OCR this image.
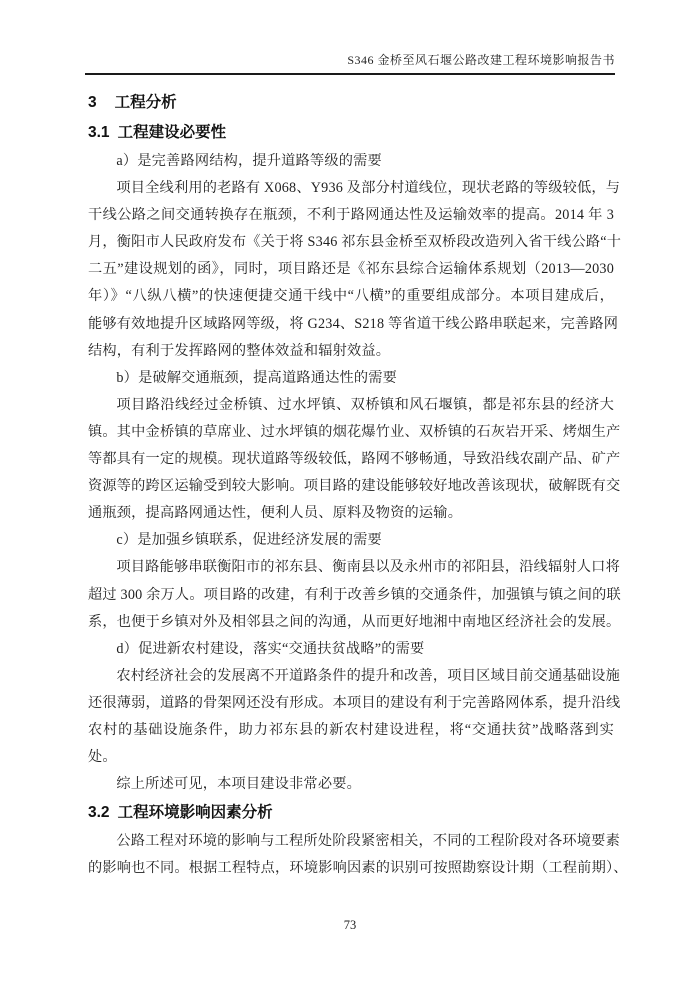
S346 金桥至风石堰公路改建工程环境影响报告书
3 工程分析
3.1 工程建设必要性
a）是完善路网结构，提升道路等级的需要
项目全线利用的老路有 X068、Y936 及部分村道线位，现状老路的等级较低，与
干线公路之间交通转换存在瓶颈，不利于路网通达性及运输效率的提高。2014 年 3
月，衡阳市人民政府发布《关于将 S346 祁东县金桥至双桥段改造列入省干线公路“十
二五”建设规划的函》，同时，项目路还是《祁东县综合运输体系规划（2013—2030
年）》“八纵八横”的快速便捷交通干线中“八横”的重要组成部分。本项目建成后，
能够有效地提升区域路网等级，将 G234、S218 等省道干线公路串联起来，完善路网
结构，有利于发挥路网的整体效益和辐射效益。
b）是破解交通瓶颈，提高道路通达性的需要
项目路沿线经过金桥镇、过水坪镇、双桥镇和风石堰镇，都是祁东县的经济大
镇。其中金桥镇的草席业、过水坪镇的烟花爆竹业、双桥镇的石灰岩开采、烤烟生产
等都具有一定的规模。现状道路等级较低，路网不够畅通，导致沿线农副产品、矿产
资源等的跨区运输受到较大影响。项目路的建设能够较好地改善该现状，破解既有交
通瓶颈，提高路网通达性，便利人员、原料及物资的运输。
c）是加强乡镇联系，促进经济发展的需要
项目路能够串联衡阳市的祁东县、衡南县以及永州市的祁阳县，沿线辐射人口将
超过 300 余万人。项目路的改建，有利于改善乡镇的交通条件，加强镇与镇之间的联
系，也便于乡镇对外及相邻县之间的沟通，从而更好地湘中南地区经济社会的发展。
d）促进新农村建设，落实“交通扶贫战略”的需要
农村经济社会的发展离不开道路条件的提升和改善，项目区域目前交通基础设施
还很薄弱，道路的骨架网还没有形成。本项目的建设有利于完善路网体系，提升沿线
农村的基础设施条件，助力祁东县的新农村建设进程，将“交通扶贫”战略落到实
处。
综上所述可见，本项目建设非常必要。
3.2 工程环境影响因素分析
公路工程对环境的影响与工程所处阶段紧密相关，不同的工程阶段对各环境要素
的影响也不同。根据工程特点，环境影响因素的识别可按照勘察设计期（工程前期）、
73
